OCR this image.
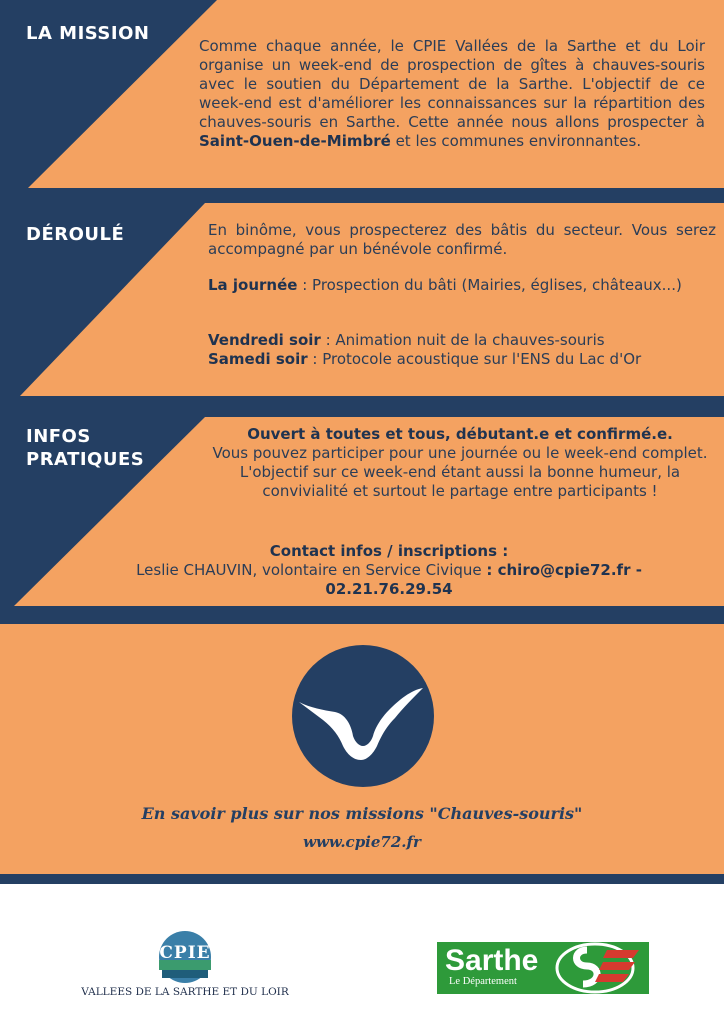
LA MISSION
Comme chaque année, le CPIE Vallées de la Sarthe et du Loir organise un week-end de prospection de gîtes à chauves-souris avec le soutien du Département de la Sarthe. L'objectif de ce week-end est d'améliorer les connaissances sur la répartition des chauves-souris en Sarthe. Cette année nous allons prospecter à Saint-Ouen-de-Mimbré et les communes environnantes.
DÉROULÉ	En binôme, vous prospecterez des bâtis du secteur. Vous serez accompagné par un bénévole confirmé.
La journée : Prospection du bâti (Mairies, églises, châteaux...)
Vendredi soir : Animation nuit de la chauves-souris
Samedi soir : Protocole acoustique sur l'ENS du Lac d'Or
INFOS
PRATIQUES
Ouvert à toutes et tous, débutant.e et confirmé.e.
Vous pouvez participer pour une journée ou le week-end complet.
L'objectif sur ce week-end étant aussi la bonne humeur, la convivialité et surtout le partage entre participants !
Contact infos / inscriptions :
Leslie CHAUVIN, volontaire en Service Civique : chiro@cpie72.fr -
02.21.76.29.54
En savoir plus sur nos missions "Chauves-souris"
www.cpie72.fr
CPIE
VALLEES DE LA SARTHE ET DU LOIR
Sarthe
Le Département
